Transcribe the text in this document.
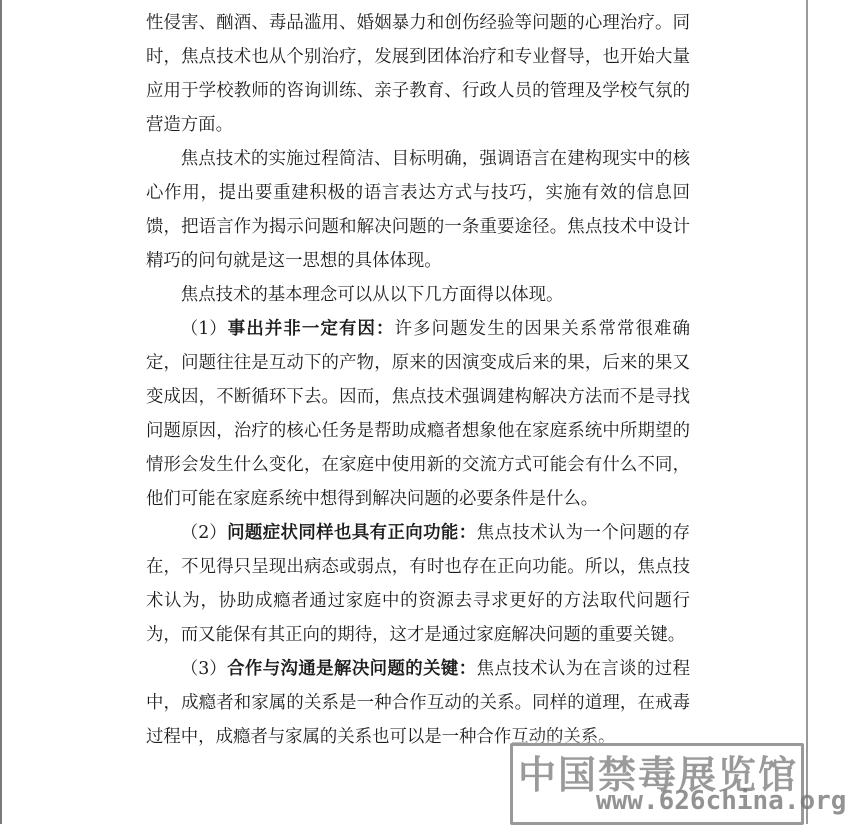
性侵害、酗酒、毒品滥用、婚姻暴力和创伤经验等问题的心理治疗。同时，焦点技术也从个别治疗，发展到团体治疗和专业督导，也开始大量应用于学校教师的咨询训练、亲子教育、行政人员的管理及学校气氛的营造方面。

焦点技术的实施过程简洁、目标明确，强调语言在建构现实中的核心作用，提出要重建积极的语言表达方式与技巧，实施有效的信息回馈，把语言作为揭示问题和解决问题的一条重要途径。焦点技术中设计精巧的问句就是这一思想的具体体现。

焦点技术的基本理念可以从以下几方面得以体现。

（1）事出并非一定有因：许多问题发生的因果关系常常很难确定，问题往往是互动下的产物，原来的因演变成后来的果，后来的果又变成因，不断循环下去。因而，焦点技术强调建构解决方法而不是寻找问题原因，治疗的核心任务是帮助成瘾者想象他在家庭系统中所期望的情形会发生什么变化，在家庭中使用新的交流方式可能会有什么不同，他们可能在家庭系统中想得到解决问题的必要条件是什么。

（2）问题症状同样也具有正向功能：焦点技术认为一个问题的存在，不见得只呈现出病态或弱点，有时也存在正向功能。所以，焦点技术认为，协助成瘾者通过家庭中的资源去寻求更好的方法取代问题行为，而又能保有其正向的期待，这才是通过家庭解决问题的重要关键。

（3）合作与沟通是解决问题的关键：焦点技术认为在言谈的过程中，成瘾者和家属的关系是一种合作互动的关系。同样的道理，在戒毒过程中，成瘾者与家属的关系也可以是一种合作互动的关系。

中国禁毒展览馆
www.626china.org
